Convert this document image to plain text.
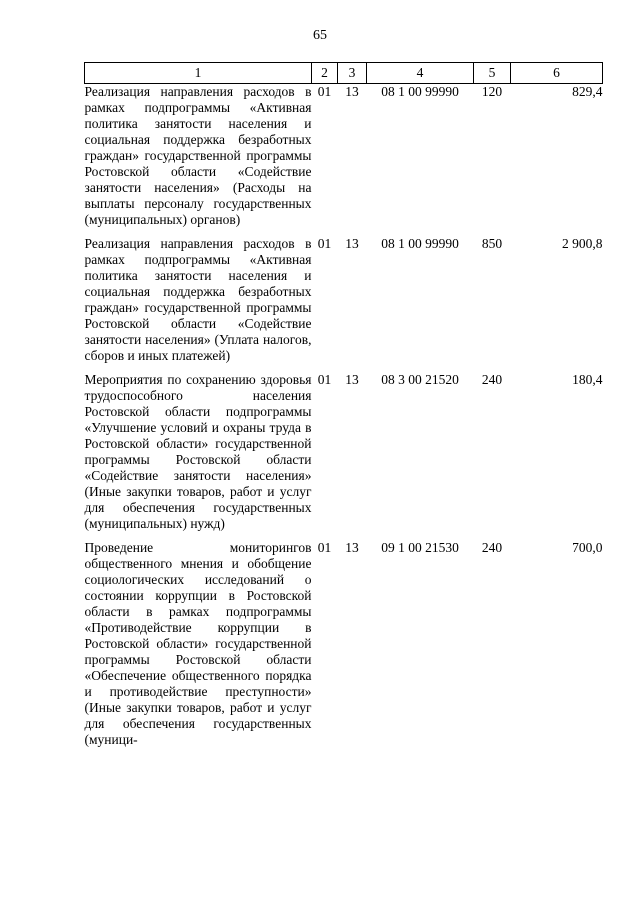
65
1	2	3	4	5	6
Реализация направления расходов в рамках подпрограммы «Активная политика занятости населения и социальная поддержка безработных граждан» государственной программы Ростовской области «Содействие занятости населения» (Расходы на выплаты персоналу государственных (муниципальных) органов)	01	13	08 1 00 99990	120	829,4
Реализация направления расходов в рамках подпрограммы «Активная политика занятости населения и социальная поддержка безработных граждан» государственной программы Ростовской области «Содействие занятости населения» (Уплата налогов, сборов и иных платежей)	01	13	08 1 00 99990	850	2 900,8
Мероприятия по сохранению здоровья трудоспособного населения Ростовской области подпрограммы «Улучшение условий и охраны труда в Ростовской области» государственной программы Ростовской области «Содействие занятости населения» (Иные закупки товаров, работ и услуг для обеспечения государственных (муниципальных) нужд)	01	13	08 3 00 21520	240	180,4
Проведение мониторингов общественного мнения и обобщение социологических исследований о состоянии коррупции в Ростовской области в рамках подпрограммы «Противодействие коррупции в Ростовской области» государственной программы Ростовской области «Обеспечение общественного порядка и противодействие преступности» (Иные закупки товаров, работ и услуг для обеспечения государственных (муници-	01	13	09 1 00 21530	240	700,0
